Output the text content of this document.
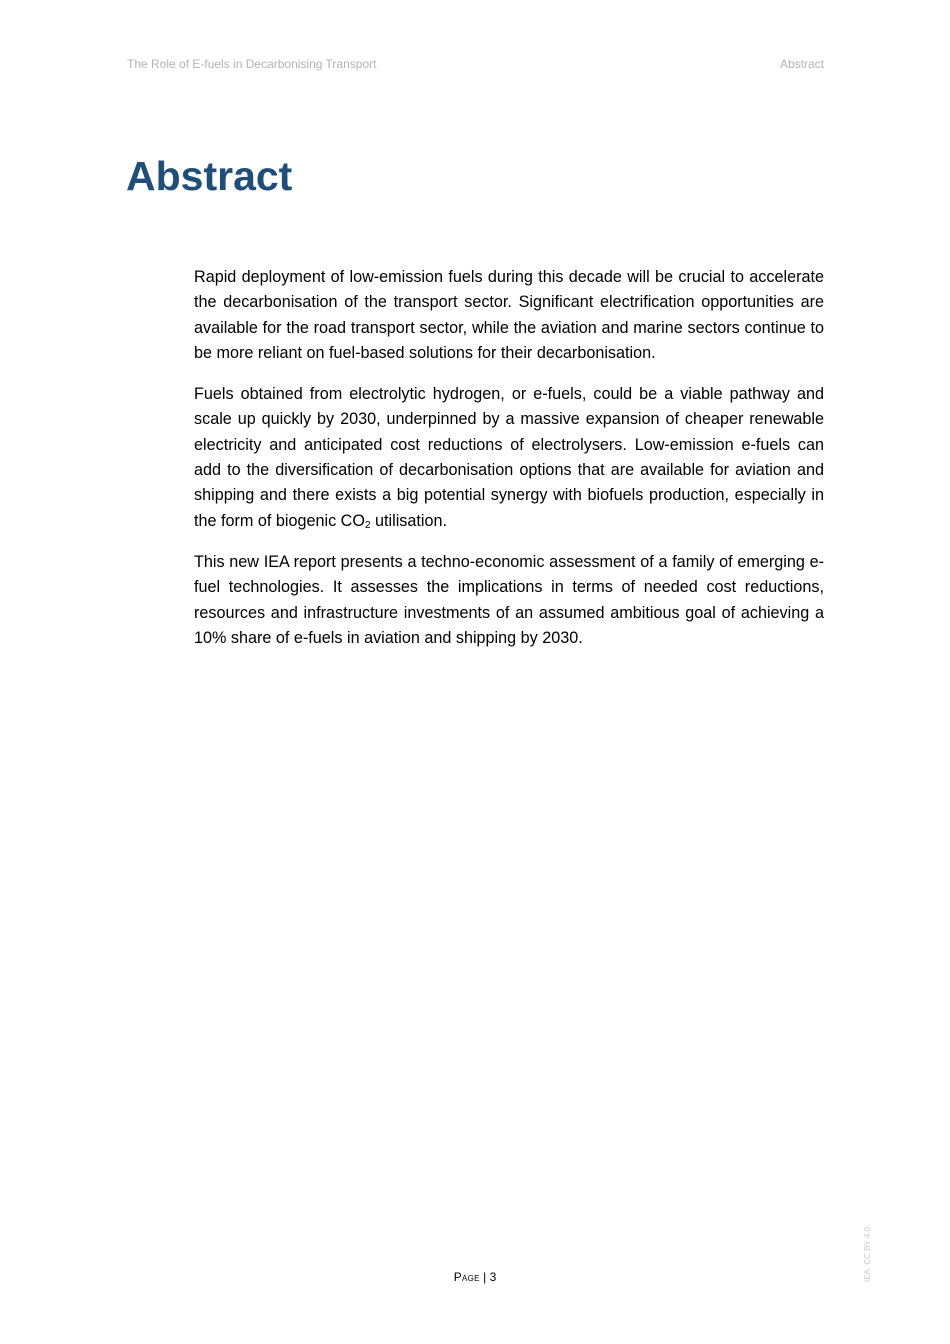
The Role of E-fuels in Decarbonising Transport	Abstract
Abstract

Rapid deployment of low-emission fuels during this decade will be crucial to accelerate the decarbonisation of the transport sector. Significant electrification opportunities are available for the road transport sector, while the aviation and marine sectors continue to be more reliant on fuel-based solutions for their decarbonisation.

Fuels obtained from electrolytic hydrogen, or e-fuels, could be a viable pathway and scale up quickly by 2030, underpinned by a massive expansion of cheaper renewable electricity and anticipated cost reductions of electrolysers. Low-emission e-fuels can add to the diversification of decarbonisation options that are available for aviation and shipping and there exists a big potential synergy with biofuels production, especially in the form of biogenic $CO_2$ utilisation.

This new IEA report presents a techno-economic assessment of a family of emerging e-fuel technologies. It assesses the implications in terms of needed cost reductions, resources and infrastructure investments of an assumed ambitious goal of achieving a 10% share of e-fuels in aviation and shipping by 2030.

Page | 3	IEA. CC BY 4.0.
